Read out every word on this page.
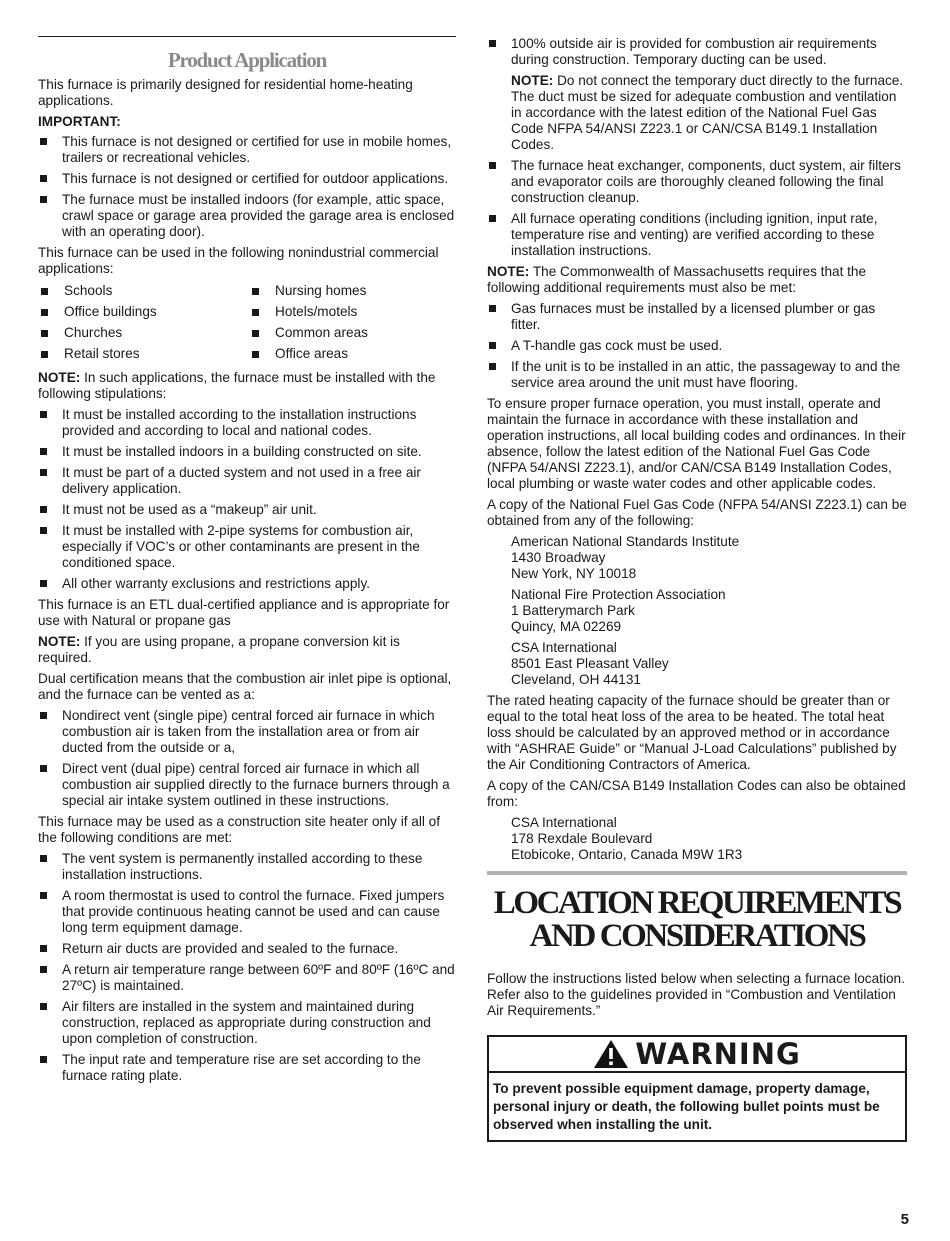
Product Application

This furnace is primarily designed for residential home-heating applications.

IMPORTANT:

This furnace is not designed or certified for use in mobile homes, trailers or recreational vehicles.
This furnace is not designed or certified for outdoor applications.
The furnace must be installed indoors (for example, attic space, crawl space or garage area provided the garage area is enclosed with an operating door).

This furnace can be used in the following nonindustrial commercial applications:

Schools	Nursing homes
Office buildings	Hotels/motels
Churches	Common areas
Retail stores	Office areas

NOTE: In such applications, the furnace must be installed with the following stipulations:

It must be installed according to the installation instructions provided and according to local and national codes.
It must be installed indoors in a building constructed on site.
It must be part of a ducted system and not used in a free air delivery application.
It must not be used as a “makeup” air unit.
It must be installed with 2-pipe systems for combustion air, especially if VOC’s or other contaminants are present in the conditioned space.
All other warranty exclusions and restrictions apply.

This furnace is an ETL dual-certified appliance and is appropriate for use with Natural or propane gas

NOTE: If you are using propane, a propane conversion kit is required.

Dual certification means that the combustion air inlet pipe is optional, and the furnace can be vented as a:

Nondirect vent (single pipe) central forced air furnace in which combustion air is taken from the installation area or from air ducted from the outside or a,
Direct vent (dual pipe) central forced air furnace in which all combustion air supplied directly to the furnace burners through a special air intake system outlined in these instructions.

This furnace may be used as a construction site heater only if all of the following conditions are met:

The vent system is permanently installed according to these installation instructions.
A room thermostat is used to control the furnace. Fixed jumpers that provide continuous heating cannot be used and can cause long term equipment damage.
Return air ducts are provided and sealed to the furnace.
A return air temperature range between 60ºF and 80ºF (16ºC and 27ºC) is maintained.
Air filters are installed in the system and maintained during construction, replaced as appropriate during construction and upon completion of construction.
The input rate and temperature rise are set according to the furnace rating plate.
100% outside air is provided for combustion air requirements during construction. Temporary ducting can be used.

NOTE: Do not connect the temporary duct directly to the furnace. The duct must be sized for adequate combustion and ventilation in accordance with the latest edition of the National Fuel Gas Code NFPA 54/ANSI Z223.1 or CAN/CSA B149.1 Installation Codes.

The furnace heat exchanger, components, duct system, air filters and evaporator coils are thoroughly cleaned following the final construction cleanup.
All furnace operating conditions (including ignition, input rate, temperature rise and venting) are verified according to these installation instructions.

NOTE: The Commonwealth of Massachusetts requires that the following additional requirements must also be met:

Gas furnaces must be installed by a licensed plumber or gas fitter.
A T-handle gas cock must be used.
If the unit is to be installed in an attic, the passageway to and the service area around the unit must have flooring.

To ensure proper furnace operation, you must install, operate and maintain the furnace in accordance with these installation and operation instructions, all local building codes and ordinances. In their absence, follow the latest edition of the National Fuel Gas Code (NFPA 54/ANSI Z223.1), and/or CAN/CSA B149 Installation Codes, local plumbing or waste water codes and other applicable codes.

A copy of the National Fuel Gas Code (NFPA 54/ANSI Z223.1) can be obtained from any of the following:

American National Standards Institute
1430 Broadway
New York, NY 10018
National Fire Protection Association
1 Batterymarch Park
Quincy, MA 02269
CSA International
8501 East Pleasant Valley
Cleveland, OH 44131

The rated heating capacity of the furnace should be greater than or equal to the total heat loss of the area to be heated. The total heat loss should be calculated by an approved method or in accordance with “ASHRAE Guide” or “Manual J-Load Calculations” published by the Air Conditioning Contractors of America.

A copy of the CAN/CSA B149 Installation Codes can also be obtained from:

CSA International
178 Rexdale Boulevard
Etobicoke, Ontario, Canada M9W 1R3
LOCATION REQUIREMENTS AND CONSIDERATIONS

Follow the instructions listed below when selecting a furnace location. Refer also to the guidelines provided in “Combustion and Ventilation Air Requirements.”

WARNING
To prevent possible equipment damage, property damage, personal injury or death, the following bullet points must be observed when installing the unit.
5
